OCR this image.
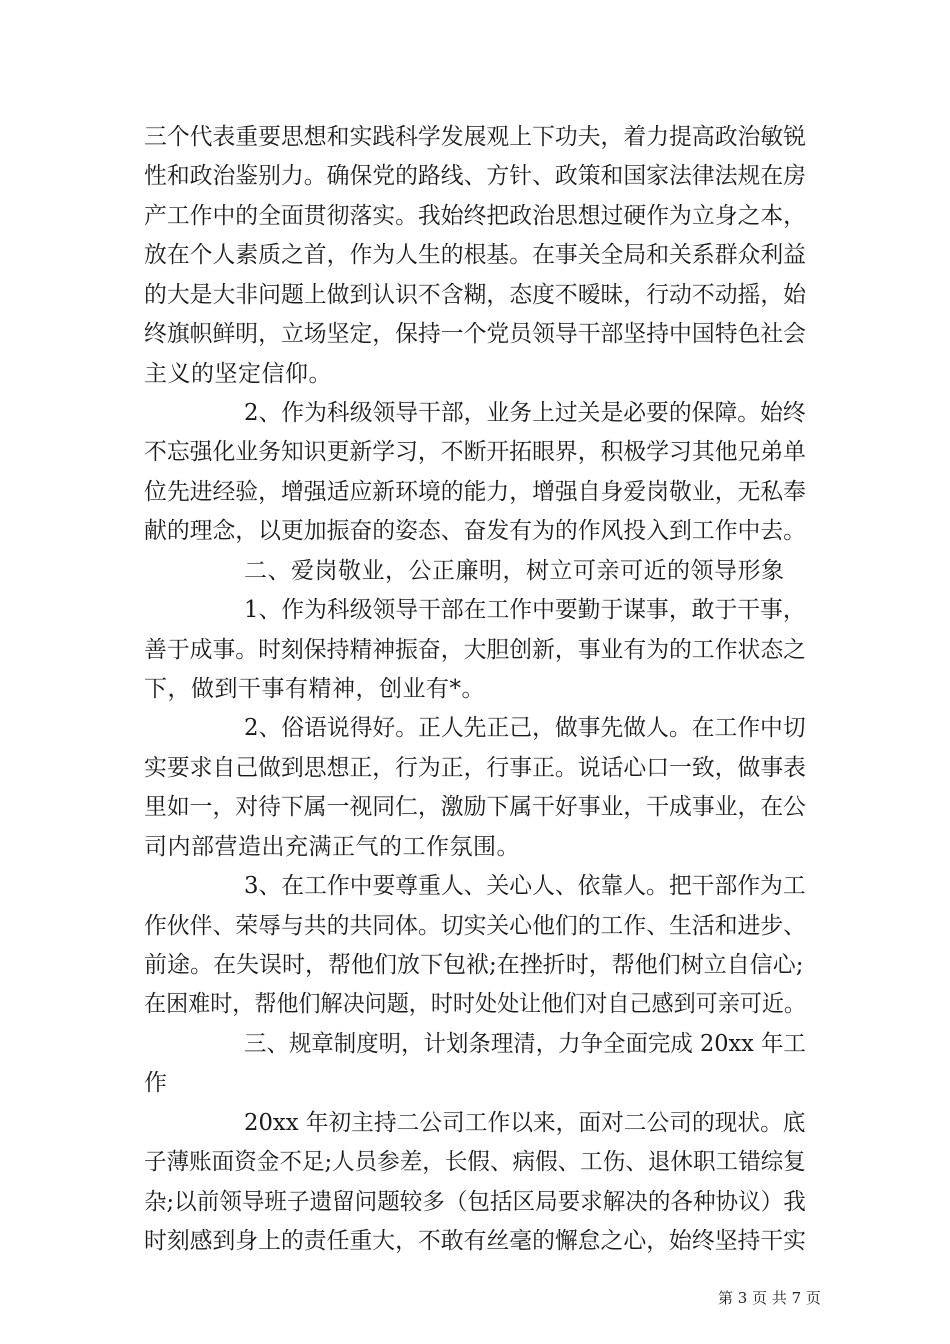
三个代表重要思想和实践科学发展观上下功夫，着力提高政治敏锐
性和政治鉴别力。确保党的路线、方针、政策和国家法律法规在房
产工作中的全面贯彻落实。我始终把政治思想过硬作为立身之本，
放在个人素质之首，作为人生的根基。在事关全局和关系群众利益
的大是大非问题上做到认识不含糊，态度不暧昧，行动不动摇，始
终旗帜鲜明，立场坚定，保持一个党员领导干部坚持中国特色社会
主义的坚定信仰。
2、作为科级领导干部，业务上过关是必要的保障。始终
不忘强化业务知识更新学习，不断开拓眼界，积极学习其他兄弟单
位先进经验，增强适应新环境的能力，增强自身爱岗敬业，无私奉
献的理念，以更加振奋的姿态、奋发有为的作风投入到工作中去。
二、爱岗敬业，公正廉明，树立可亲可近的领导形象
1、作为科级领导干部在工作中要勤于谋事，敢于干事，
善于成事。时刻保持精神振奋，大胆创新，事业有为的工作状态之
下，做到干事有精神，创业有*。
2、俗语说得好。正人先正己，做事先做人。在工作中切
实要求自己做到思想正，行为正，行事正。说话心口一致，做事表
里如一，对待下属一视同仁，激励下属干好事业，干成事业，在公
司内部营造出充满正气的工作氛围。
3、在工作中要尊重人、关心人、依靠人。把干部作为工
作伙伴、荣辱与共的共同体。切实关心他们的工作、生活和进步、
前途。在失误时，帮他们放下包袱;在挫折时，帮他们树立自信心;
在困难时，帮他们解决问题，时时处处让他们对自己感到可亲可近。
三、规章制度明，计划条理清，力争全面完成 20xx 年工
作
20xx 年初主持二公司工作以来，面对二公司的现状。底
子薄账面资金不足;人员参差，长假、病假、工伤、退休职工错综复
杂;以前领导班子遗留问题较多（包括区局要求解决的各种协议）我
时刻感到身上的责任重大，不敢有丝毫的懈怠之心，始终坚持干实
第 3 页 共 7 页
